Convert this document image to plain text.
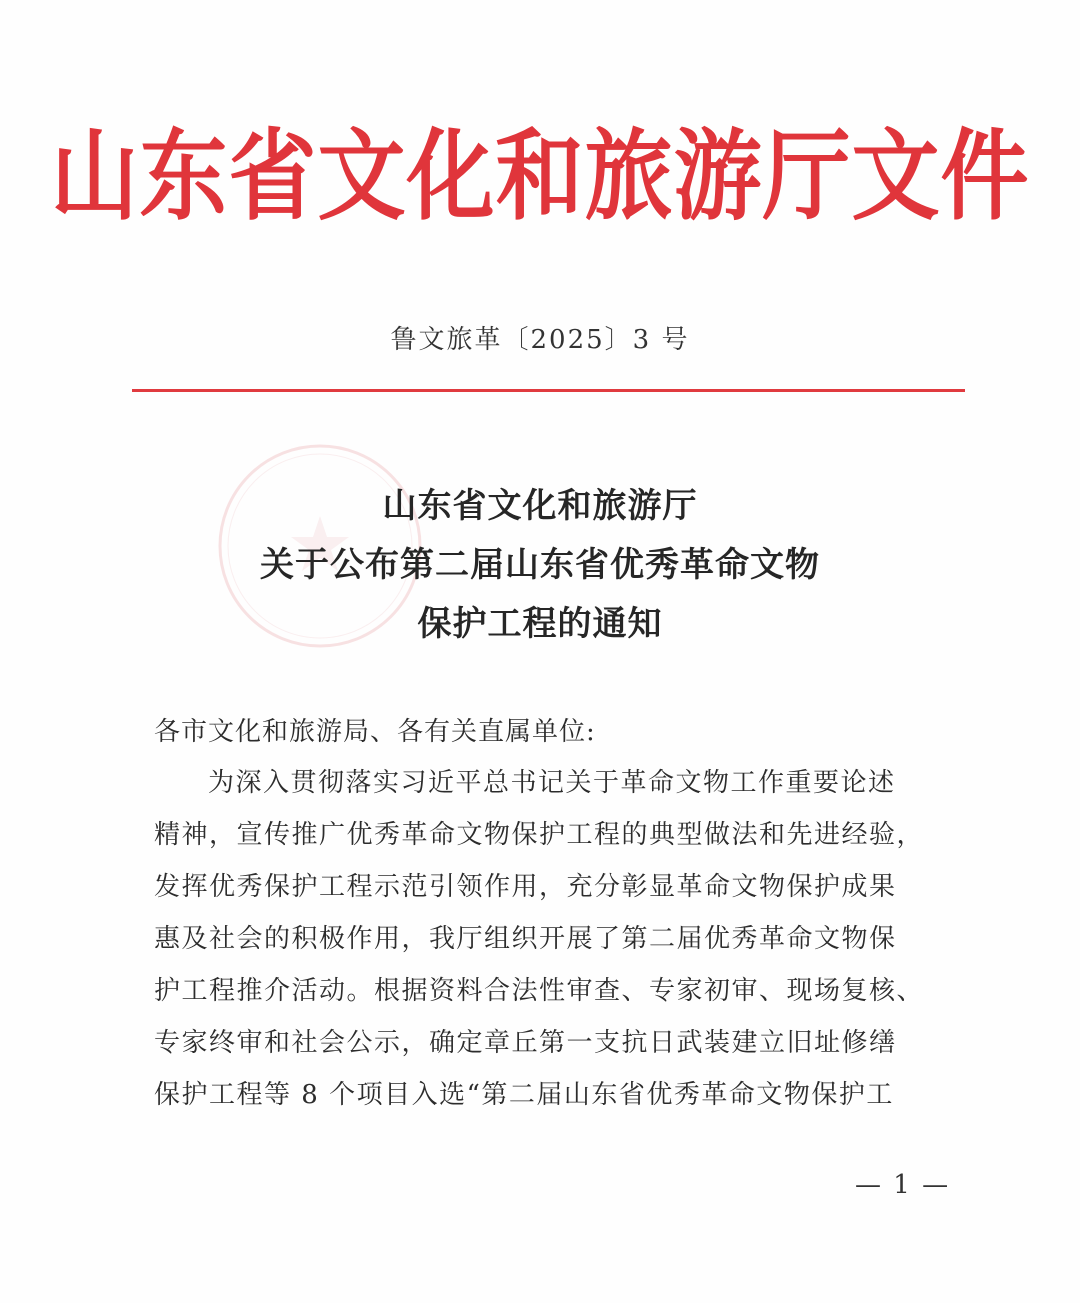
山东省文化和旅游厅文件
鲁文旅革〔2025〕3 号
山东省文化和旅游厅
关于公布第二届山东省优秀革命文物
保护工程的通知
各市文化和旅游局、各有关直属单位:
为深入贯彻落实习近平总书记关于革命文物工作重要论述
精神，宣传推广优秀革命文物保护工程的典型做法和先进经验，
发挥优秀保护工程示范引领作用，充分彰显革命文物保护成果
惠及社会的积极作用，我厅组织开展了第二届优秀革命文物保
护工程推介活动。根据资料合法性审查、专家初审、现场复核、
专家终审和社会公示，确定章丘第一支抗日武装建立旧址修缮
保护工程等 8 个项目入选“第二届山东省优秀革命文物保护工
— 1 —
